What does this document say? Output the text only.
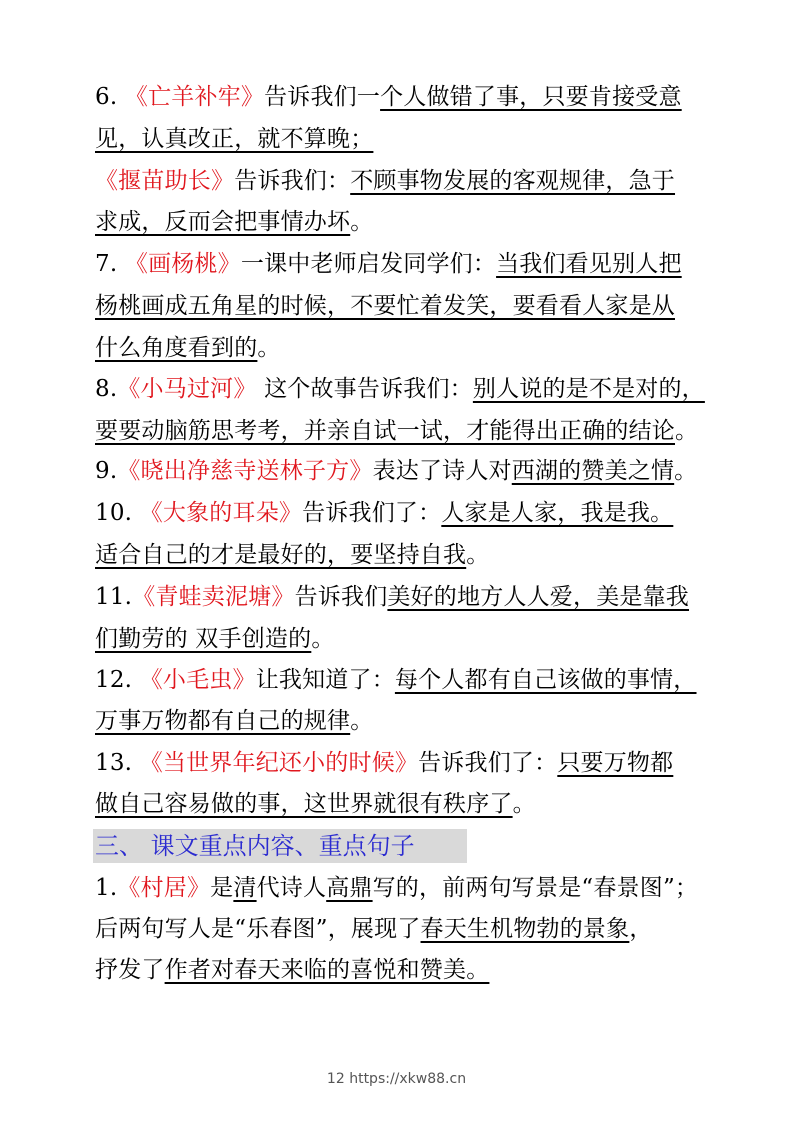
6. 《亡羊补牢》告诉我们一个人做错了事，只要肯接受意
见，认真改正，就不算晚；
《揠苗助长》告诉我们：不顾事物发展的客观规律，急于
求成，反而会把事情办坏。
7. 《画杨桃》一课中老师启发同学们：当我们看见别人把
杨桃画成五角星的时候，不要忙着发笑，要看看人家是从
什么角度看到的。
8.《小马过河》 这个故事告诉我们：别人说的是不是对的，
要要动脑筋思考考，并亲自试一试，才能得出正确的结论。
9.《晓出净慈寺送林子方》表达了诗人对西湖的赞美之情。
10. 《大象的耳朵》告诉我们了：人家是人家，我是我。
适合自己的才是最好的，要坚持自我。
11.《青蛙卖泥塘》告诉我们美好的地方人人爱，美是靠我
们勤劳的 双手创造的。
12. 《小毛虫》让我知道了：每个人都有自己该做的事情，
万事万物都有自己的规律。
13. 《当世界年纪还小的时候》告诉我们了：只要万物都
做自己容易做的事，这世界就很有秩序了。
三、 课文重点内容、重点句子
1.《村居》是清代诗人高鼎写的，前两句写景是“春景图”；
后两句写人是“乐春图”，展现了春天生机物勃的景象，
抒发了作者对春天来临的喜悦和赞美。
12 https://xkw88.cn
